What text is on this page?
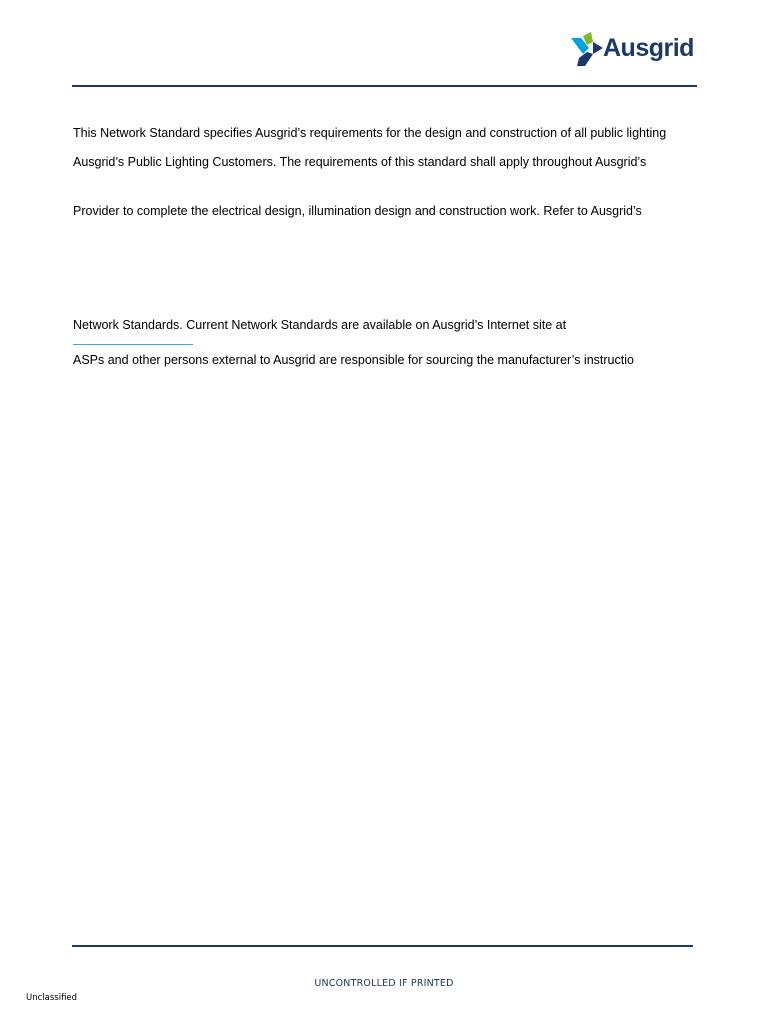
Ausgrid
This Network Standard specifies Ausgrid’s requirements for the design and construction of all public lighting
Ausgrid’s Public Lighting Customers. The requirements of this standard shall apply throughout Ausgrid’s
Provider to complete the electrical design, illumination design and construction work. Refer to Ausgrid’s
Network Standards. Current Network Standards are available on Ausgrid’s Internet site at
ASPs and other persons external to Ausgrid are responsible for sourcing the manufacturer’s instructio
UNCONTROLLED IF PRINTED
Unclassified
